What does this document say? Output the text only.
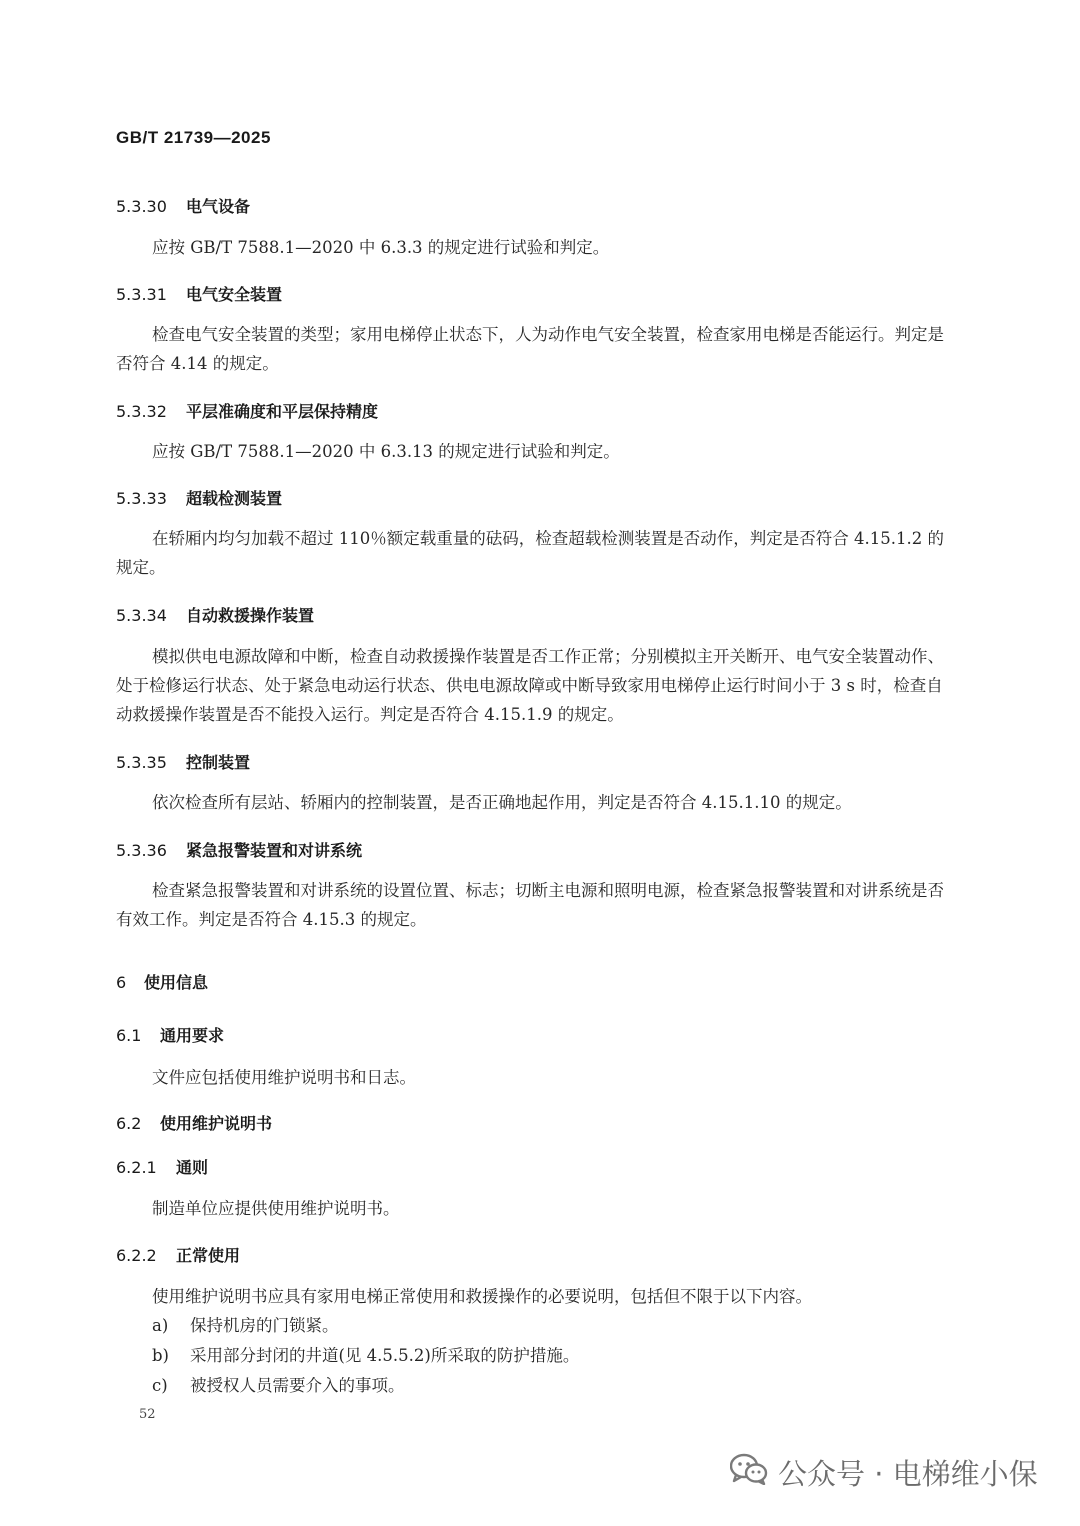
GB/T 21739—2025
5.3.30 电气设备

应按 GB/T 7588.1—2020 中 6.3.3 的规定进行试验和判定。

5.3.31 电气安全装置

检查电气安全装置的类型；家用电梯停止状态下，人为动作电气安全装置，检查家用电梯是否能运行。判定是否符合 4.14 的规定。

5.3.32 平层准确度和平层保持精度

应按 GB/T 7588.1—2020 中 6.3.13 的规定进行试验和判定。

5.3.33 超载检测装置

在轿厢内均匀加载不超过 110％额定载重量的砝码，检查超载检测装置是否动作，判定是否符合 4.15.1.2 的规定。

5.3.34 自动救援操作装置

模拟供电电源故障和中断，检查自动救援操作装置是否工作正常；分别模拟主开关断开、电气安全装置动作、处于检修运行状态、处于紧急电动运行状态、供电电源故障或中断导致家用电梯停止运行时间小于 3 s 时，检查自动救援操作装置是否不能投入运行。判定是否符合 4.15.1.9 的规定。

5.3.35 控制装置

依次检查所有层站、轿厢内的控制装置，是否正确地起作用，判定是否符合 4.15.1.10 的规定。

5.3.36 紧急报警装置和对讲系统

检查紧急报警装置和对讲系统的设置位置、标志；切断主电源和照明电源，检查紧急报警装置和对讲系统是否有效工作。判定是否符合 4.15.3 的规定。

6 使用信息
6.1 通用要求

文件应包括使用维护说明书和日志。

6.2 使用维护说明书
6.2.1 通则

制造单位应提供使用维护说明书。

6.2.2 正常使用

使用维护说明书应具有家用电梯正常使用和救援操作的必要说明，包括但不限于以下内容。

a) 保持机房的门锁紧。
b) 采用部分封闭的井道(见 4.5.5.2)所采取的防护措施。
c) 被授权人员需要介入的事项。
52
公众号 · 电梯维小保
